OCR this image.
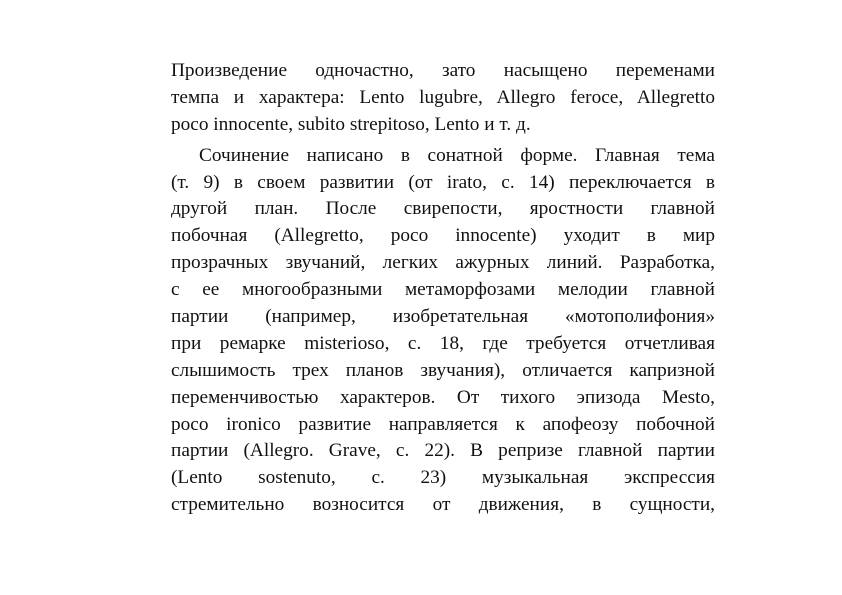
Произведение одночастно, зато насыщено переменами
темпа и характера: Lento lugubre, Allegro feroce, Allegretto
poco innocente, subito strepitoso, Lento и т. д.
Сочинение написано в сонатной форме. Главная тема
(т. 9) в своем развитии (от irato, с. 14) переключается в
другой план. После свирепости, яростности главной
побочная (Allegretto, poco innocente) уходит в мир
прозрачных звучаний, легких ажурных линий. Разработка,
с ее многообразными метаморфозами мелодии главной
партии (например, изобретательная «мотополифония»
при ремарке misterioso, с. 18, где требуется отчетливая
слышимость трех планов звучания), отличается капризной
переменчивостью характеров. От тихого эпизода Mesto,
poco ironico развитие направляется к апофеозу побочной
партии (Allegro. Grave, с. 22). В репризе главной партии
(Lento sostenuto, с. 23) музыкальная экспрессия
стремительно возносится от движения, в сущности,
